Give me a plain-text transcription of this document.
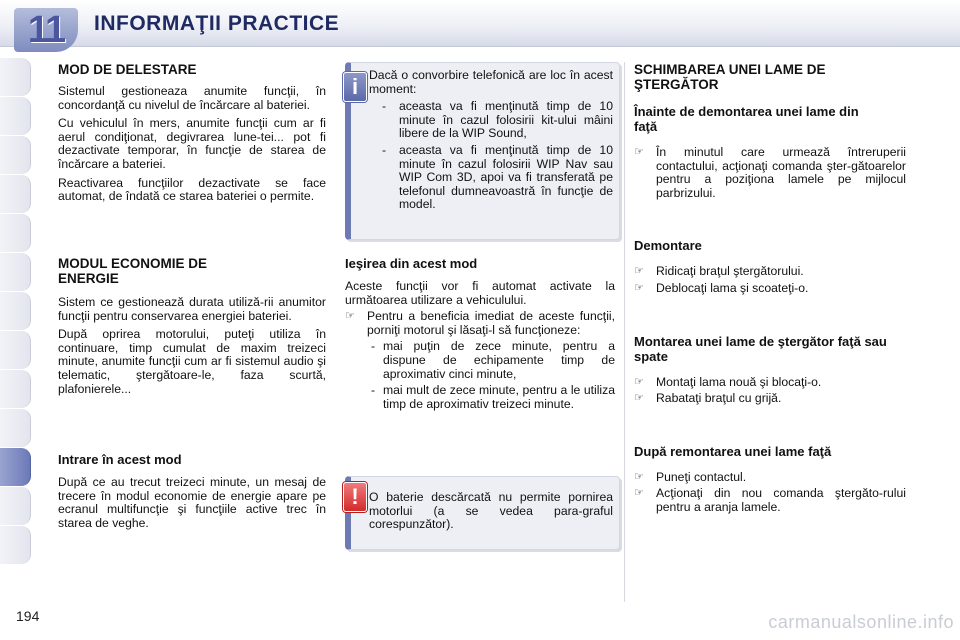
11	INFORMAŢII PRACTICE
MOD DE DELESTARE

Sistemul gestioneaza anumite funcţii, în concordanţă cu nivelul de încărcare al bateriei.

Cu vehiculul în mers, anumite funcţii cum ar fi aerul condiţionat, degivrarea lune-tei... pot fi dezactivate temporar, în funcţie de starea de încărcare a bateriei.

Reactivarea funcţiilor dezactivate se face automat, de îndată ce starea bateriei o permite.

MODUL ECONOMIE DE ENERGIE

Sistem ce gestionează durata utiliză-rii anumitor funcţii pentru conservarea energiei bateriei.

După oprirea motorului, puteţi utiliza în continuare, timp cumulat de maxim treizeci minute, anumite funcţii cum ar fi sistemul audio şi telematic, ştergătoare-le, faza scurtă, plafonierele...

Intrare în acest mod

După ce au trecut treizeci minute, un mesaj de trecere în modul economie de energie apare pe ecranul multifuncţie şi funcţiile active trec în starea de veghe.

Dacă o convorbire telefonică are loc în acest moment:

-	aceasta va fi menţinută timp de 10 minute în cazul folosirii kit-ului mâini libere de la WIP Sound,
-	aceasta va fi menţinută timp de 10 minute în cazul folosirii WIP Nav sau WIP Com 3D, apoi va fi transferată pe telefonul dumneavoastră în funcţie de model.
i
Ieşirea din acest mod

Aceste funcţii vor fi automat activate la următoarea utilizare a vehiculului.

☞ Pentru a beneficia imediat de aceste funcţii, porniţi motorul şi lăsaţi-l să funcţioneze:
- mai puţin de zece minute, pentru a dispune de echipamente timp de aproximativ cinci minute,
- mai mult de zece minute, pentru a le utiliza timp de aproximativ treizeci minute.

O baterie descărcată nu permite pornirea motorlui (a se vedea para-graful corespunzător).

!
SCHIMBAREA UNEI LAME DE ŞTERGĂTOR
Înainte de demontarea unei lame din faţă
☞ În minutul care urmează întreruperii contactului, acţionaţi comanda şter-gătoarelor pentru a poziţiona lamele pe mijlocul parbrizului.
Demontare
☞ Ridicaţi braţul ştergătorului.
☞ Deblocaţi lama şi scoateţi-o.
Montarea unei lame de ştergător faţă sau spate
☞ Montaţi lama nouă şi blocaţi-o.
☞ Rabataţi braţul cu grijă.
După remontarea unei lame faţă
☞ Puneţi contactul.
☞ Acţionaţi din nou comanda ştergăto-rului pentru a aranja lamele.
194	carmanualsonline.info
